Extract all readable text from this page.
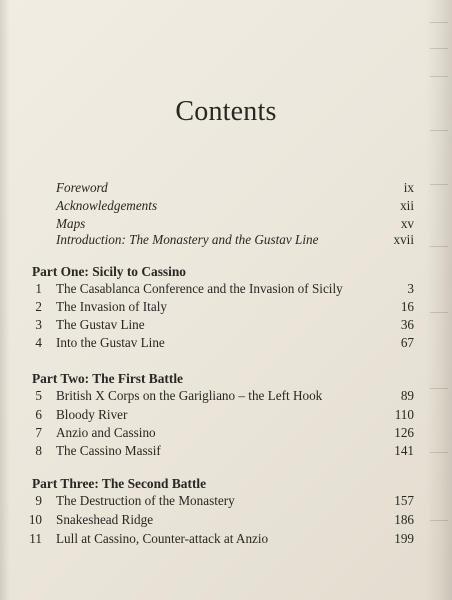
Contents
Foreword	ix
Acknowledgements	xii
Maps	xv
Introduction: The Monastery and the Gustav Line	xvii
Part One: Sicily to Cassino
1 The Casablanca Conference and the Invasion of Sicily	3
2 The Invasion of Italy	16
3 The Gustav Line	36
4 Into the Gustav Line	67
Part Two: The First Battle
5 British X Corps on the Garigliano – the Left Hook	89
6 Bloody River	110
7 Anzio and Cassino	126
8 The Cassino Massif	141
Part Three: The Second Battle
9 The Destruction of the Monastery	157
10 Snakeshead Ridge	186
11 Lull at Cassino, Counter-attack at Anzio	199
